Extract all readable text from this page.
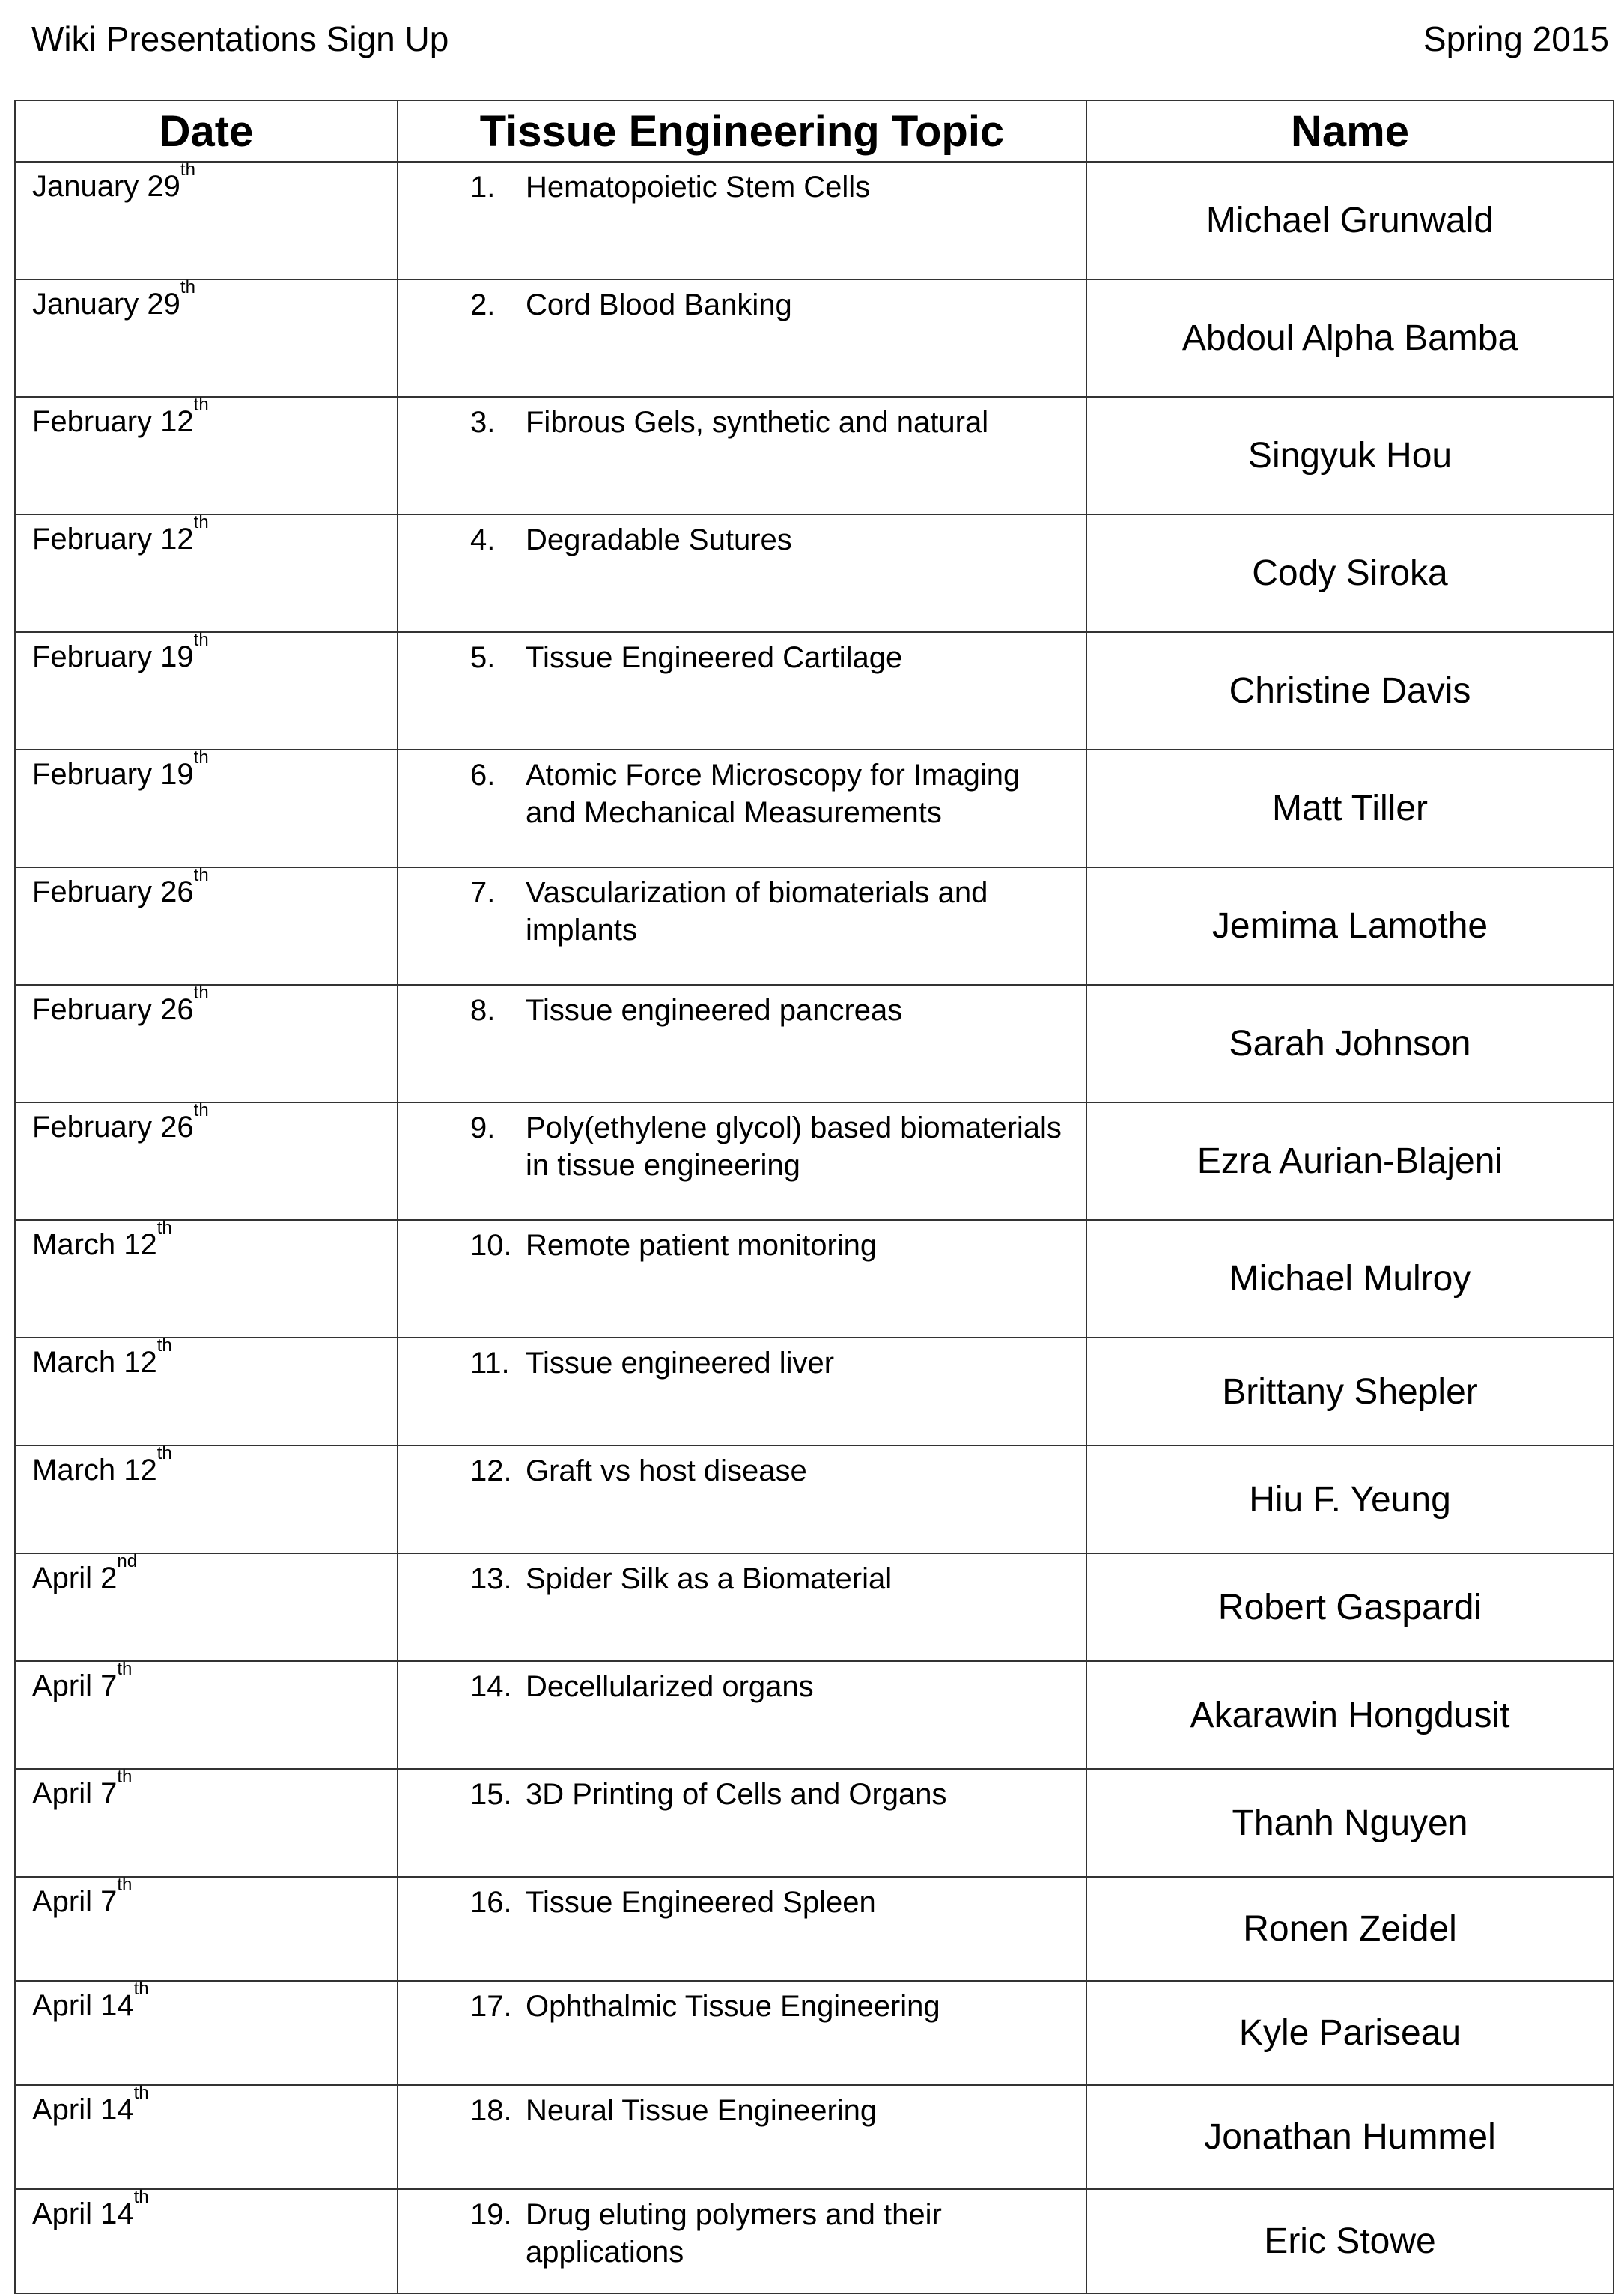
Wiki Presentations Sign Up	Spring 2015
Date	Tissue Engineering Topic	Name
January 29th	1. Hematopoietic Stem Cells	Michael Grunwald
January 29th	2. Cord Blood Banking	Abdoul Alpha Bamba
February 12th	3. Fibrous Gels, synthetic and natural	Singyuk Hou
February 12th	4. Degradable Sutures	Cody Siroka
February 19th	5. Tissue Engineered Cartilage	Christine Davis
February 19th	6. Atomic Force Microscopy for Imaging and Mechanical Measurements	Matt Tiller
February 26th	7. Vascularization of biomaterials and implants	Jemima Lamothe
February 26th	8. Tissue engineered pancreas	Sarah Johnson
February 26th	9. Poly(ethylene glycol) based biomaterials in tissue engineering	Ezra Aurian-Blajeni
March 12th	10. Remote patient monitoring	Michael Mulroy
March 12th	11. Tissue engineered liver	Brittany Shepler
March 12th	12. Graft vs host disease	Hiu F. Yeung
April 2nd	13. Spider Silk as a Biomaterial	Robert Gaspardi
April 7th	14. Decellularized organs	Akarawin Hongdusit
April 7th	15. 3D Printing of Cells and Organs	Thanh Nguyen
April 7th	16. Tissue Engineered Spleen	Ronen Zeidel
April 14th	17. Ophthalmic Tissue Engineering	Kyle Pariseau
April 14th	18. Neural Tissue Engineering	Jonathan Hummel
April 14th	19. Drug eluting polymers and their applications	Eric Stowe
